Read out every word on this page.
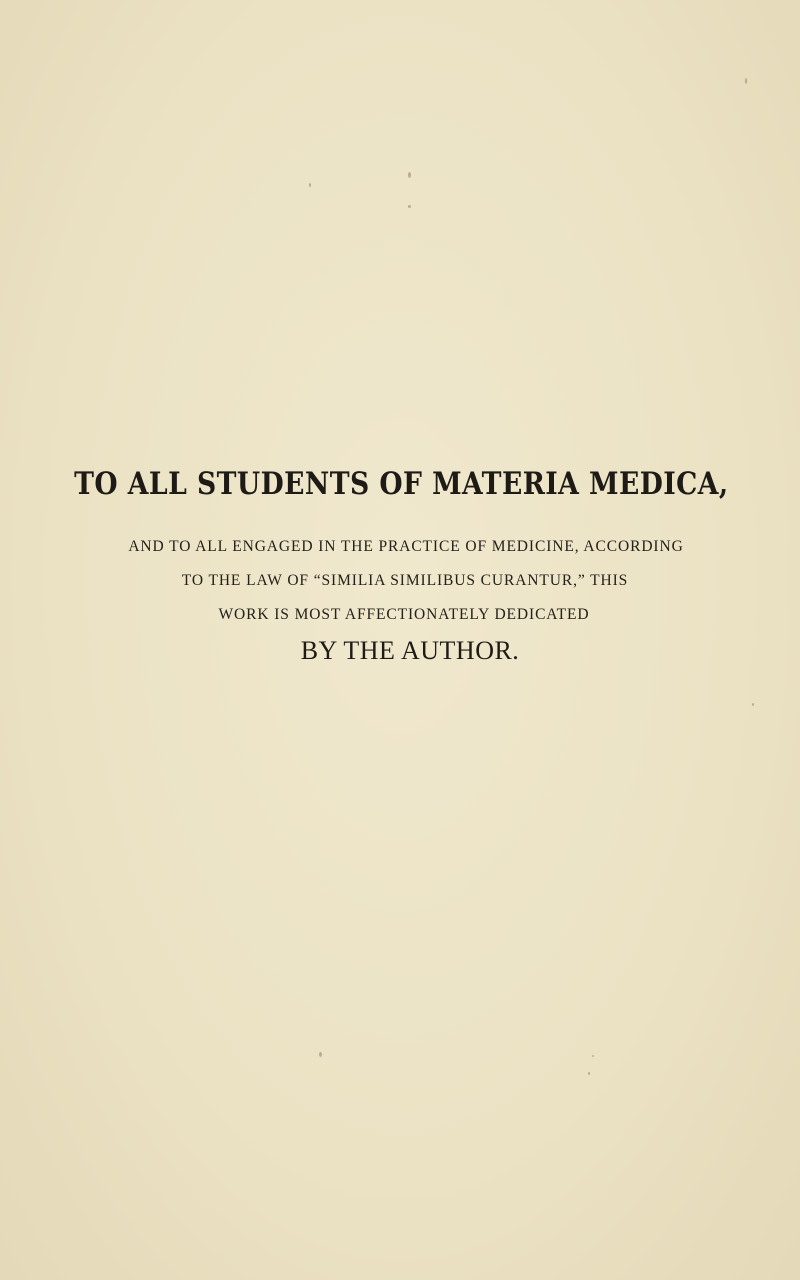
TO ALL STUDENTS OF MATERIA MEDICA,
AND TO ALL ENGAGED IN THE PRACTICE OF MEDICINE, ACCORDING
TO THE LAW OF “SIMILIA SIMILIBUS CURANTUR,” THIS
WORK IS MOST AFFECTIONATELY DEDICATED
BY THE AUTHOR.
